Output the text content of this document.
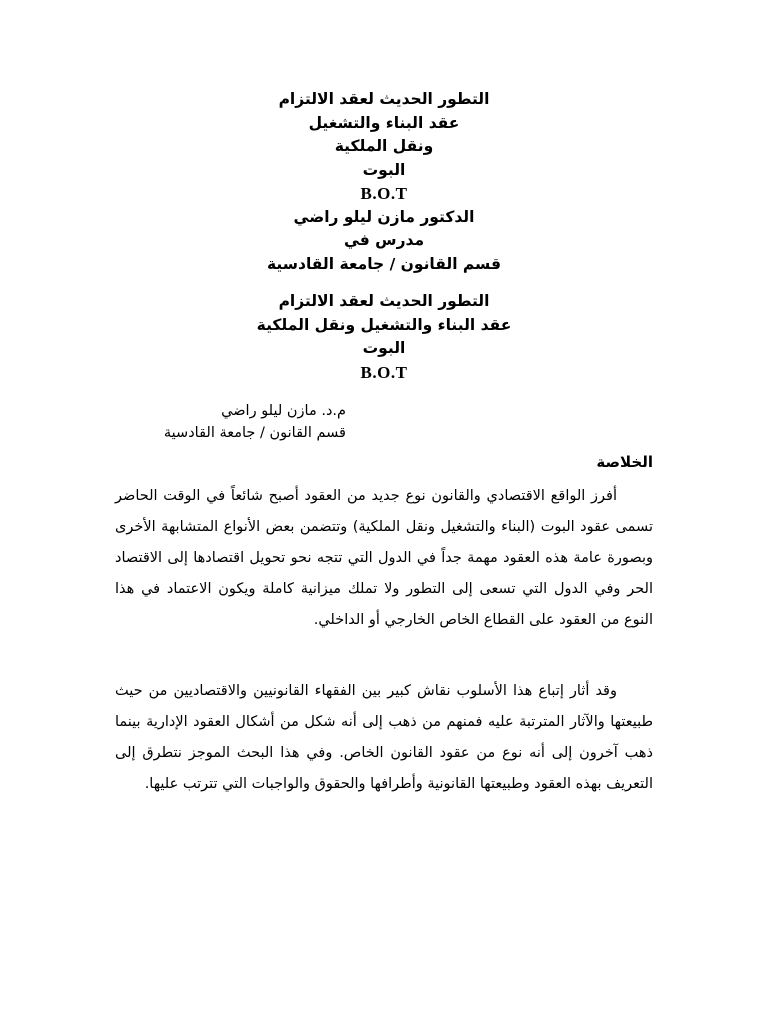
التطور الحديث لعقد الالتزام
عقد البناء والتشغيل
ونقل الملكية
البوت
B.O.T
الدكتور مازن ليلو راضي
مدرس في
قسم القانون / جامعة القادسية
التطور الحديث لعقد الالتزام
عقد البناء والتشغيل ونقل الملكية
البوت
B.O.T
م.د. مازن ليلو راضي
قسم القانون / جامعة القادسية
الخلاصة

أفرز الواقع الاقتصادي والقانون نوع جديد من العقود أصبح شائعاً في الوقت الحاضر تسمى عقود البوت (البناء والتشغيل ونقل الملكية) وتتضمن بعض الأنواع المتشابهة الأخرى وبصورة عامة هذه العقود مهمة جداً في الدول التي تتجه نحو تحويل اقتصادها إلى الاقتصاد الحر وفي الدول التي تسعى إلى التطور ولا تملك ميزانية كاملة ويكون الاعتماد في هذا النوع من العقود على القطاع الخاص الخارجي أو الداخلي.

وقد أثار إتباع هذا الأسلوب نقاش كبير بين الفقهاء القانونيين والاقتصاديين من حيث طبيعتها والآثار المترتبة عليه فمنهم من ذهب إلى أنه شكل من أشكال العقود الإدارية بينما ذهب آخرون إلى أنه نوع من عقود القانون الخاص. وفي هذا البحث الموجز نتطرق إلى التعريف بهذه العقود وطبيعتها القانونية وأطرافها والحقوق والواجبات التي تترتب عليها.
